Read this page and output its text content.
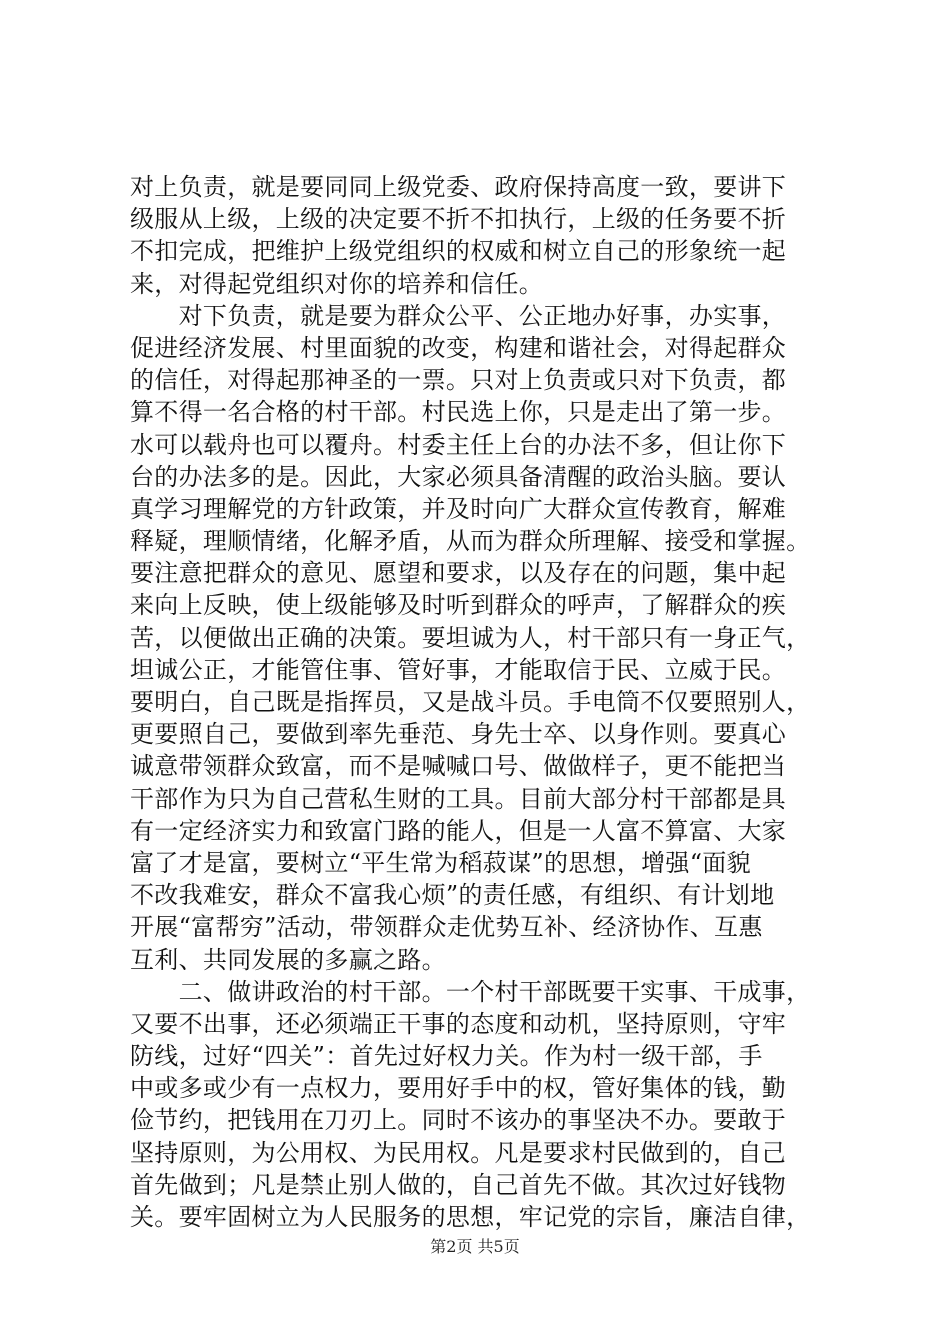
对上负责，就是要同同上级党委、政府保持高度一致，要讲下
级服从上级，上级的决定要不折不扣执行，上级的任务要不折
不扣完成，把维护上级党组织的权威和树立自己的形象统一起
来，对得起党组织对你的培养和信任。
　　对下负责，就是要为群众公平、公正地办好事，办实事，
促进经济发展、村里面貌的改变，构建和谐社会，对得起群众
的信任，对得起那神圣的一票。只对上负责或只对下负责，都
算不得一名合格的村干部。村民选上你，只是走出了第一步。
水可以载舟也可以覆舟。村委主任上台的办法不多，但让你下
台的办法多的是。因此，大家必须具备清醒的政治头脑。要认
真学习理解党的方针政策，并及时向广大群众宣传教育，解难
释疑，理顺情绪，化解矛盾，从而为群众所理解、接受和掌握。
要注意把群众的意见、愿望和要求，以及存在的问题，集中起
来向上反映，使上级能够及时听到群众的呼声，了解群众的疾
苦，以便做出正确的决策。要坦诚为人，村干部只有一身正气，
坦诚公正，才能管住事、管好事，才能取信于民、立威于民。
要明白，自己既是指挥员，又是战斗员。手电筒不仅要照别人，
更要照自己，要做到率先垂范、身先士卒、以身作则。要真心
诚意带领群众致富，而不是喊喊口号、做做样子，更不能把当
干部作为只为自己营私生财的工具。目前大部分村干部都是具
有一定经济实力和致富门路的能人，但是一人富不算富、大家
富了才是富，要树立“平生常为稻菽谋”的思想，增强“面貌
不改我难安，群众不富我心烦”的责任感，有组织、有计划地
开展“富帮穷”活动，带领群众走优势互补、经济协作、互惠
互利、共同发展的多赢之路。
　　二、做讲政治的村干部。一个村干部既要干实事、干成事，
又要不出事，还必须端正干事的态度和动机，坚持原则，守牢
防线，过好“四关”：首先过好权力关。作为村一级干部，手
中或多或少有一点权力，要用好手中的权，管好集体的钱，勤
俭节约，把钱用在刀刃上。同时不该办的事坚决不办。要敢于
坚持原则，为公用权、为民用权。凡是要求村民做到的，自己
首先做到；凡是禁止别人做的，自己首先不做。其次过好钱物
关。要牢固树立为人民服务的思想，牢记党的宗旨，廉洁自律，
第2页 共5页
